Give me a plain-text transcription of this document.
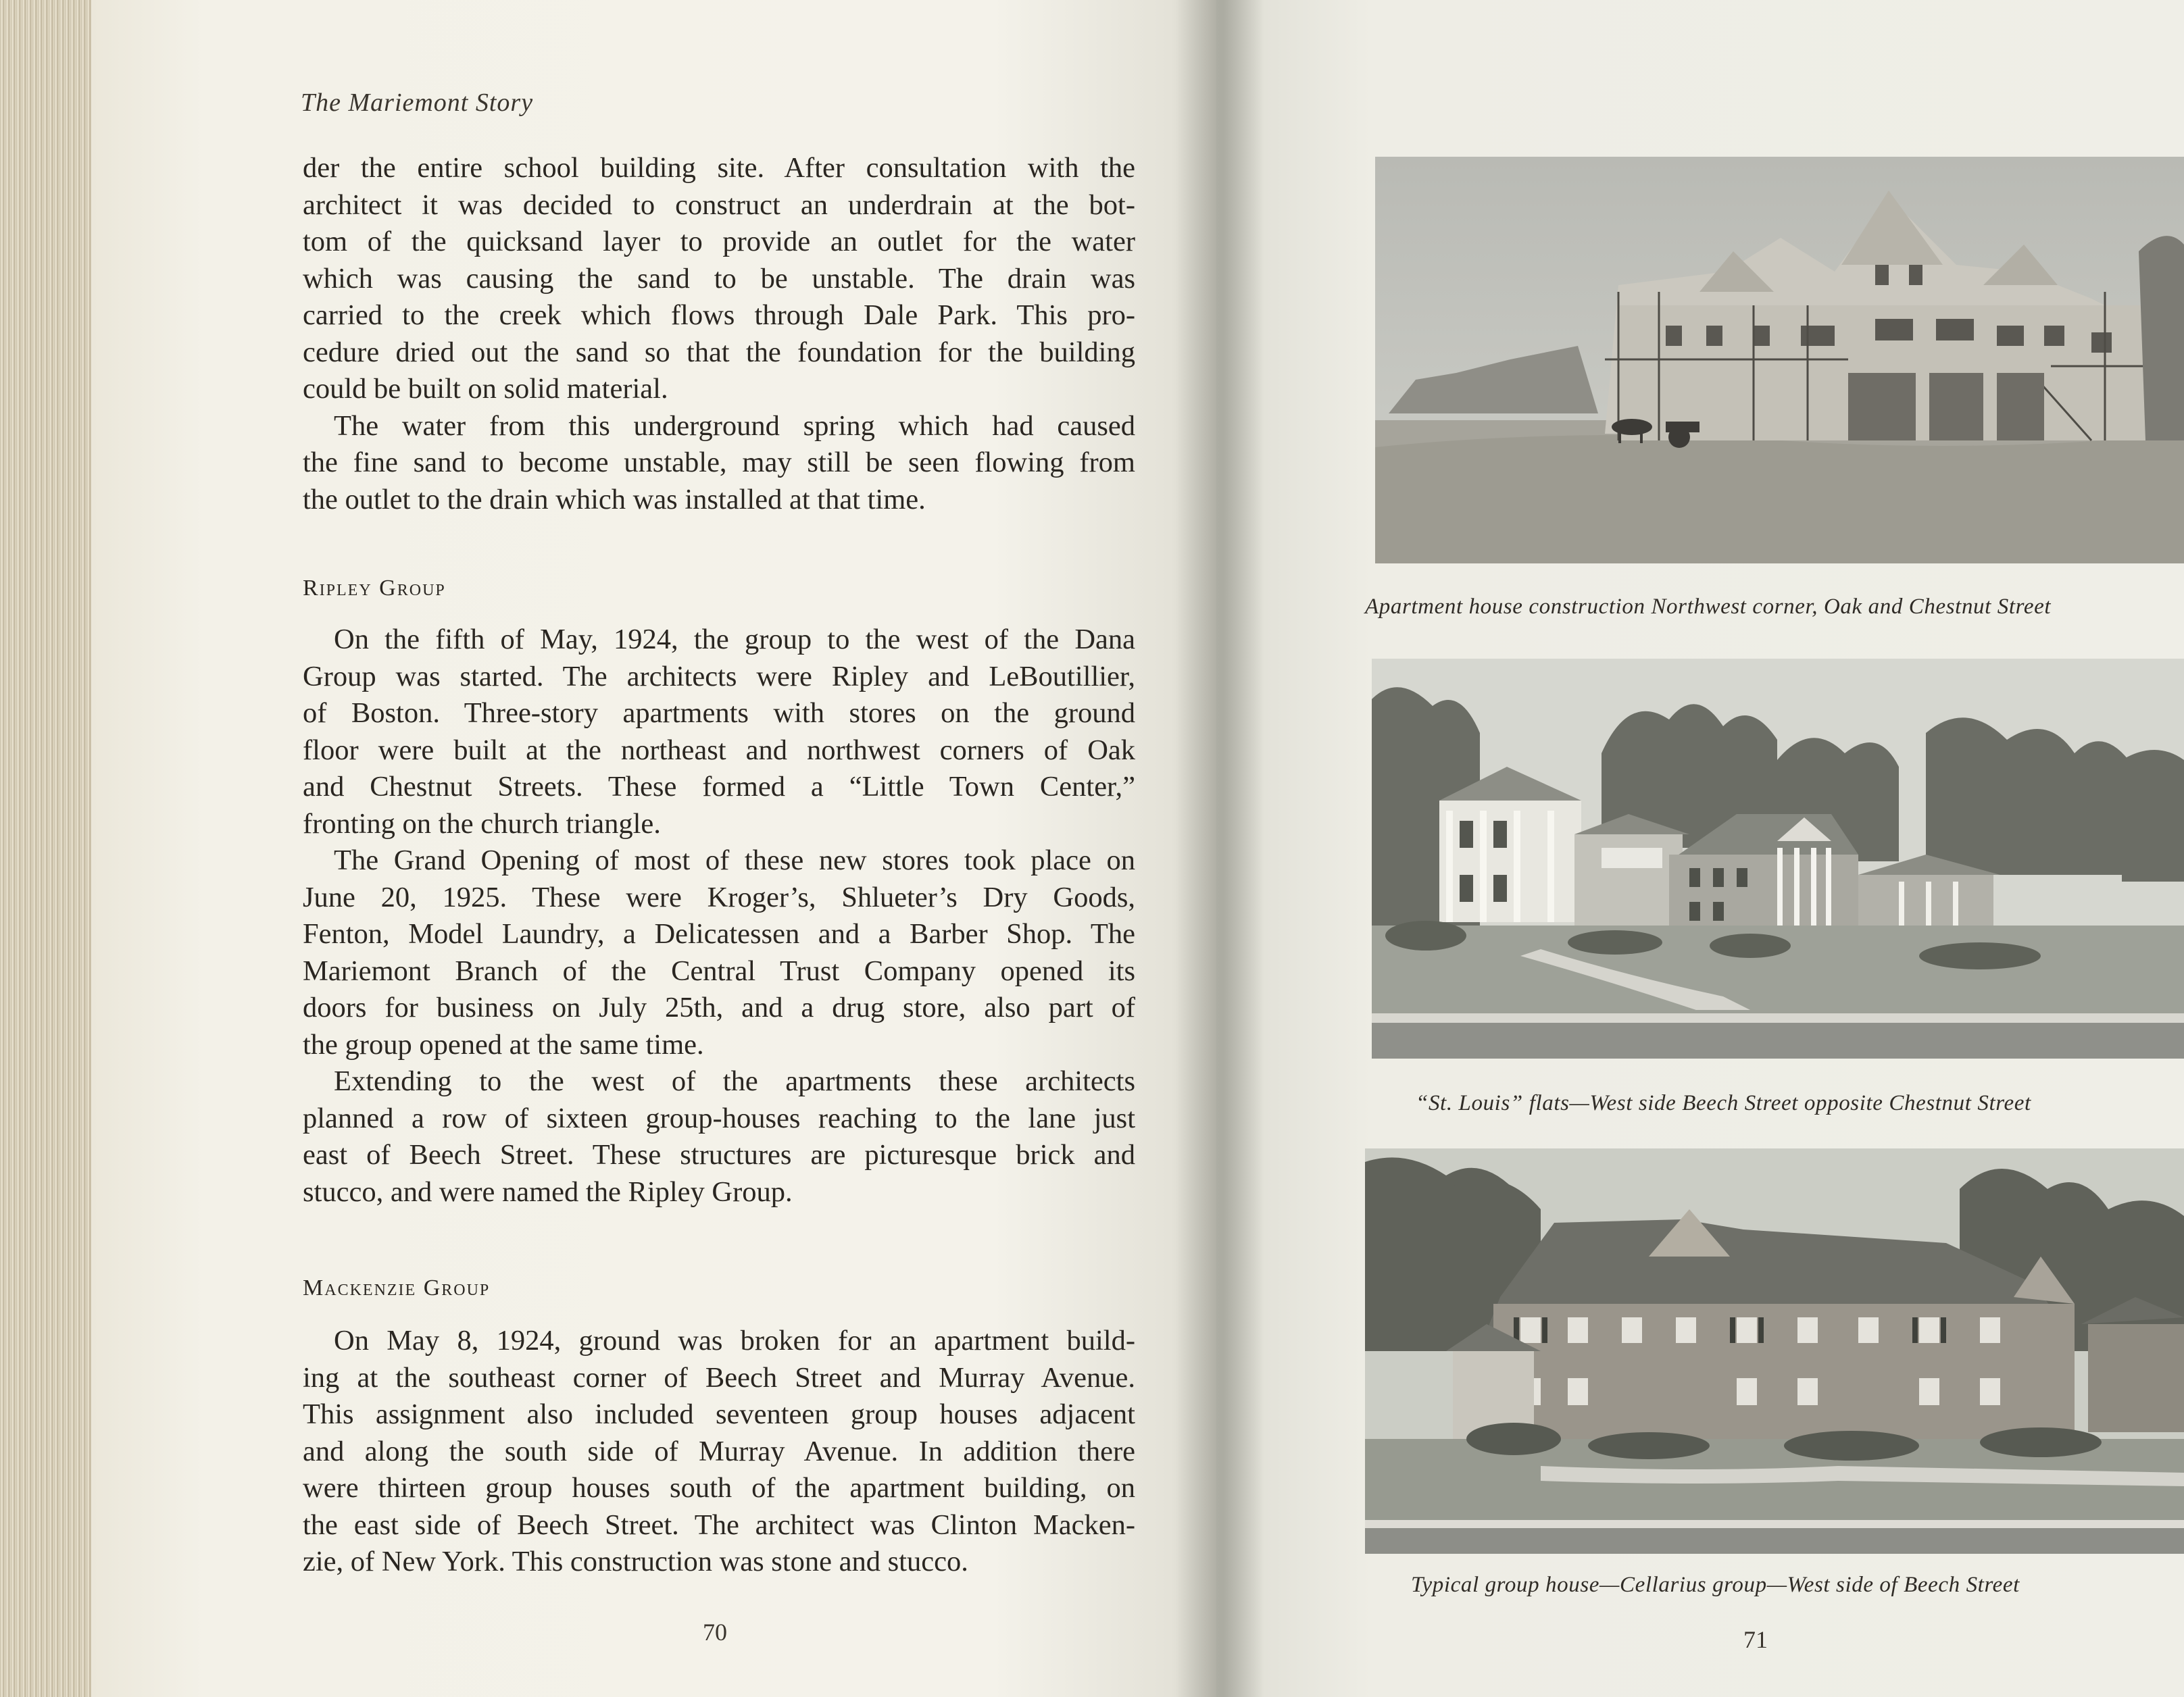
The Mariemont Story
der the entire school building site. After consultation with the
architect it was decided to construct an underdrain at the bot-
tom of the quicksand layer to provide an outlet for the water
which was causing the sand to be unstable. The drain was
carried to the creek which flows through Dale Park. This pro-
cedure dried out the sand so that the foundation for the building
could be built on solid material.
The water from this underground spring which had caused
the fine sand to become unstable, may still be seen flowing from
the outlet to the drain which was installed at that time.
Ripley Group
On the fifth of May, 1924, the group to the west of the Dana
Group was started. The architects were Ripley and LeBoutillier,
of Boston. Three-story apartments with stores on the ground
floor were built at the northeast and northwest corners of Oak
and Chestnut Streets. These formed a “Little Town Center,”
fronting on the church triangle.
The Grand Opening of most of these new stores took place on
June 20, 1925. These were Kroger’s, Shlueter’s Dry Goods,
Fenton, Model Laundry, a Delicatessen and a Barber Shop. The
Mariemont Branch of the Central Trust Company opened its
doors for business on July 25th, and a drug store, also part of
the group opened at the same time.
Extending to the west of the apartments these architects
planned a row of sixteen group-houses reaching to the lane just
east of Beech Street. These structures are picturesque brick and
stucco, and were named the Ripley Group.
Mackenzie Group
On May 8, 1924, ground was broken for an apartment build-
ing at the southeast corner of Beech Street and Murray Avenue.
This assignment also included seventeen group houses adjacent
and along the south side of Murray Avenue. In addition there
were thirteen group houses south of the apartment building, on
the east side of Beech Street. The architect was Clinton Macken-
zie, of New York. This construction was stone and stucco.
70
Apartment house construction Northwest corner, Oak and Chestnut Street
“St. Louis” flats—West side Beech Street opposite Chestnut Street
Typical group house—Cellarius group—West side of Beech Street
71
